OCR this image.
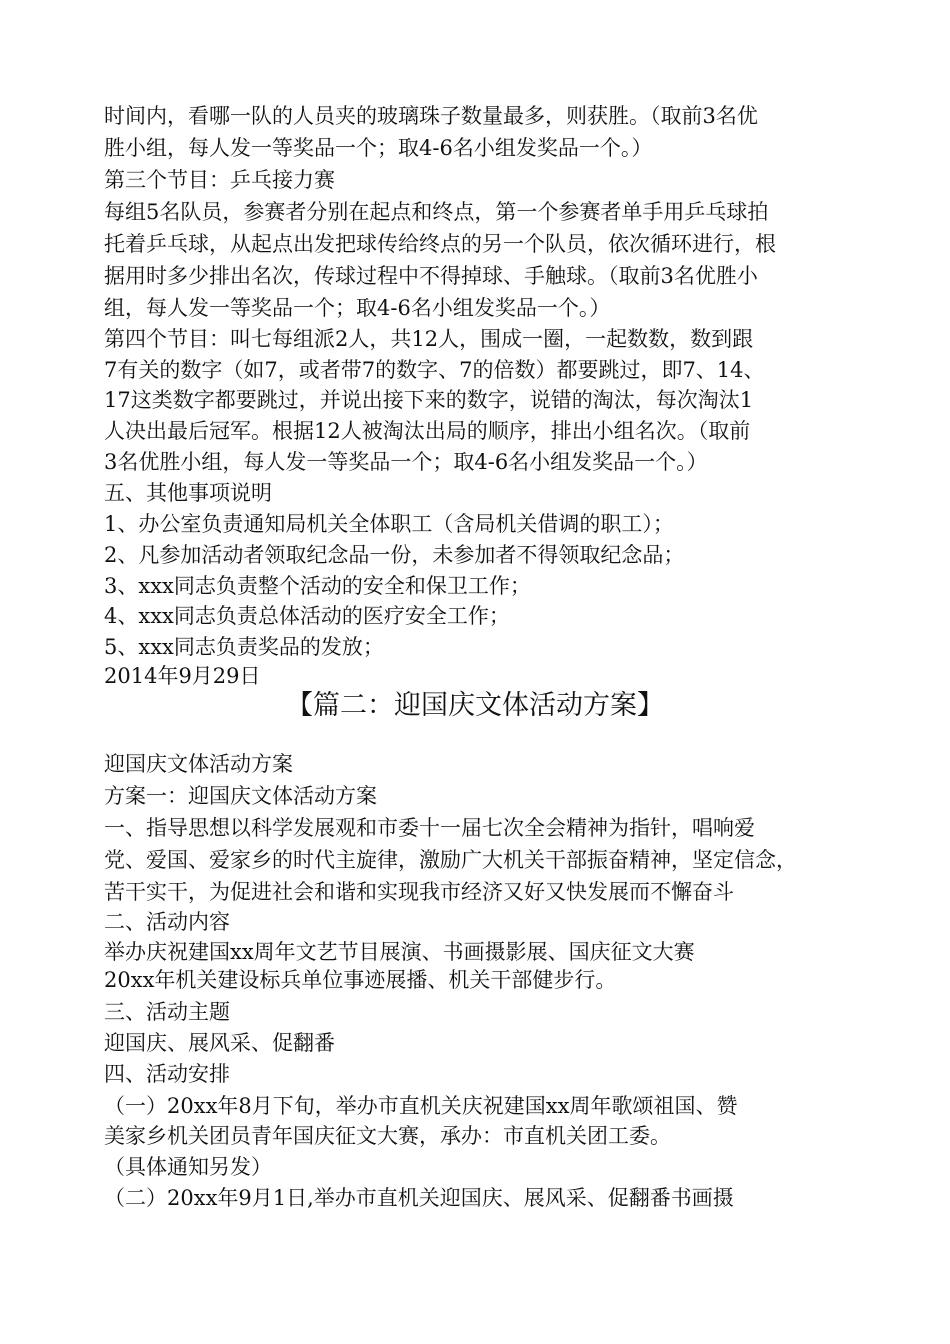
时间内，看哪一队的人员夹的玻璃珠子数量最多，则获胜。（取前3名优
胜小组，每人发一等奖品一个；取4-6名小组发奖品一个。）
第三个节目：乒乓接力赛
每组5名队员，参赛者分别在起点和终点，第一个参赛者单手用乒乓球拍
托着乒乓球，从起点出发把球传给终点的另一个队员，依次循环进行，根
据用时多少排出名次，传球过程中不得掉球、手触球。（取前3名优胜小
组，每人发一等奖品一个；取4-6名小组发奖品一个。）
第四个节目：叫七每组派2人，共12人，围成一圈，一起数数，数到跟
7有关的数字（如7，或者带7的数字、7的倍数）都要跳过，即7、14、
17这类数字都要跳过，并说出接下来的数字，说错的淘汰，每次淘汰1
人决出最后冠军。根据12人被淘汰出局的顺序，排出小组名次。（取前
3名优胜小组，每人发一等奖品一个；取4-6名小组发奖品一个。）
五、其他事项说明
1、办公室负责通知局机关全体职工（含局机关借调的职工）；
2、凡参加活动者领取纪念品一份，未参加者不得领取纪念品；
3、xxx同志负责整个活动的安全和保卫工作；
4、xxx同志负责总体活动的医疗安全工作；
5、xxx同志负责奖品的发放；
2014年9月29日
【篇二：迎国庆文体活动方案】
迎国庆文体活动方案
方案一：迎国庆文体活动方案
一、指导思想以科学发展观和市委十一届七次全会精神为指针，唱响爱
党、爱国、爱家乡的时代主旋律，激励广大机关干部振奋精神，坚定信念，
苦干实干，为促进社会和谐和实现我市经济又好又快发展而不懈奋斗
二、活动内容
举办庆祝建国xx周年文艺节目展演、书画摄影展、国庆征文大赛
20xx年机关建设标兵单位事迹展播、机关干部健步行。
三、活动主题
迎国庆、展风采、促翻番
四、活动安排
（一）20xx年8月下旬，举办市直机关庆祝建国xx周年歌颂祖国、赞
美家乡机关团员青年国庆征文大赛，承办：市直机关团工委。
（具体通知另发）
（二）20xx年9月1日,举办市直机关迎国庆、展风采、促翻番书画摄
